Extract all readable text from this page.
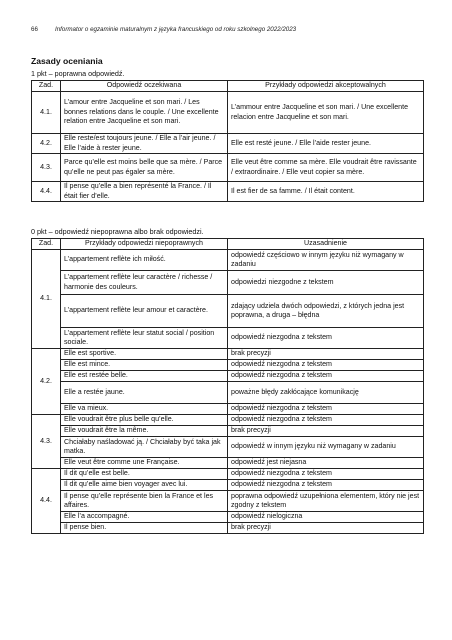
66	Informator o egzaminie maturalnym z języka francuskiego od roku szkolnego 2022/2023
Zasady oceniania
1 pkt – poprawna odpowiedź.
Zad.	Odpowiedź oczekiwana	Przykłady odpowiedzi akceptowalnych
4.1.	L’amour entre Jacqueline et son mari. / Les bonnes relations dans le couple. / Une excellente relation entre Jacqueline et son mari.	L’ammour entre Jacqueline et son mari. / Une excellente relacion entre Jacqueline et son mari.
4.2.	Elle reste/est toujours jeune. / Elle a l’air jeune. / Elle l’aide à rester jeune.	Elle est resté jeune. / Elle l’aide rester jeune.
4.3.	Parce qu’elle est moins belle que sa mère. / Parce qu’elle ne peut pas égaler sa mère.	Elle veut être comme sa mère. Elle voudrait être ravissante / extraordinaire. / Elle veut copier sa mère.
4.4.	Il pense qu’elle a bien représenté la France. / Il était fier d’elle.	Il est fier de sa famme. / Il était content.
0 pkt – odpowiedź niepoprawna albo brak odpowiedzi.
Zad.	Przykłady odpowiedzi niepoprawnych	Uzasadnienie
4.1.	L’appartement reflète ich miłość.	odpowiedź częściowo w innym języku niż wymagany w zadaniu
	L’appartement reflète leur caractère / richesse / harmonie des couleurs.	odpowiedzi niezgodne z tekstem
	L’appartement reflète leur amour et caractère.	zdający udziela dwóch odpowiedzi, z których jedna jest poprawna, a druga – błędna
	L’appartement reflète leur statut social / position sociale.	odpowiedź niezgodna z tekstem
4.2.	Elle est sportive.	brak precyzji
	Elle est mince.	odpowiedź niezgodna z tekstem
	Elle est restée belle.	odpowiedź niezgodna z tekstem
	Elle a restée jaune.	poważne błędy zakłócające komunikację
	Elle va mieux.	odpowiedź niezgodna z tekstem
4.3.	Elle voudrait être plus belle qu’elle.	odpowiedź niezgodna z tekstem
	Elle voudrait être la même.	brak precyzji
	Chciałaby naśladować ją. / Chciałaby być taka jak matka.	odpowiedź w innym języku niż wymagany w zadaniu
	Elle veut être comme une Française.	odpowiedź jest niejasna
4.4.	Il dit qu’elle est belle.	odpowiedź niezgodna z tekstem
	Il dit qu’elle aime bien voyager avec lui.	odpowiedź niezgodna z tekstem
	Il pense qu’elle représente bien la France et les affaires.	poprawna odpowiedź uzupełniona elementem, który nie jest zgodny z tekstem
	Elle l’a accompagné.	odpowiedź nielogiczna
	Il pense bien.	brak precyzji
